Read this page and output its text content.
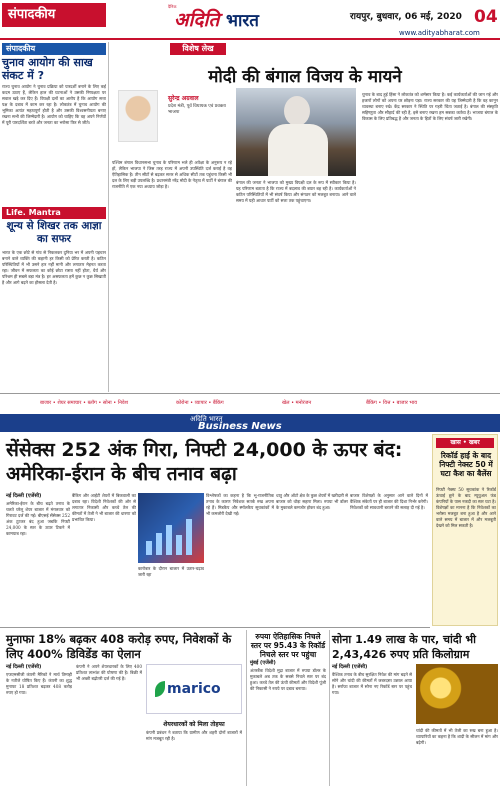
संपादकीय
दैनिक
अदिति भारत	रायपुर, बुधवार, 06 मई, 2020 04
www.adityabharat.com
संपादकीय
चुनाव आयोग की साख संकट में ?
राज्य चुनाव आयोग ने चुनाव प्रक्रिया को पारदर्शी बनाने के लिए कई कदम उठाए हैं, लेकिन हाल की घटनाओं ने उसकी निष्पक्षता पर सवाल खड़े कर दिए हैं। विपक्षी दलों का आरोप है कि आयोग सत्ता पक्ष के दबाव में काम कर रहा है। लोकतंत्र में चुनाव आयोग की भूमिका अत्यंत महत्वपूर्ण होती है और उसकी विश्वसनीयता बनाए रखना सभी की जिम्मेदारी है। आयोग को चाहिए कि वह अपने निर्णयों में पूरी पारदर्शिता बरते और जनता का भरोसा फिर से जीते।
Life. Mantra
शून्य से शिखर तक आज्ञा का सफर
भारत के एक छोटे से गांव से निकलकर दुनिया भर में अपनी पहचान बनाने वाले व्यक्ति की कहानी हर किसी को प्रेरित करती है। कठिन परिस्थितियों में भी उसने हार नहीं मानी और लगातार मेहनत करता रहा। जीवन में सफलता का कोई छोटा रास्ता नहीं होता, धैर्य और परिश्रम ही सबसे बड़ा मंत्र है। हर असफलता हमें कुछ न कुछ सिखाती है और आगे बढ़ने का हौसला देती है।
विशेष लेख
मोदी की बंगाल विजय के मायने
सुरेन्द्र अग्रवाल
प्रदेश मंत्री, पूर्व विधायक एवं प्रवक्ता भाजपा
पश्चिम बंगाल विधानसभा चुनाव के परिणाम भले ही अपेक्षा के अनुरूप न रहे हों, लेकिन भाजपा ने जिस तरह राज्य में अपनी उपस्थिति दर्ज कराई है वह ऐतिहासिक है। तीन सीटों से बढ़कर सत्तर से अधिक सीटों तक पहुंचना किसी भी दल के लिए बड़ी उपलब्धि है। प्रधानमंत्री नरेंद्र मोदी के नेतृत्व में पार्टी ने बंगाल की राजनीति में एक नया अध्याय जोड़ा है।
बंगाल की जनता ने भाजपा को मुख्य विपक्षी दल के रूप में स्वीकार किया है। यह परिणाम बताता है कि राज्य में बदलाव की बयार बह रही है। कार्यकर्ताओं ने कठिन परिस्थितियों में भी संघर्ष किया और संगठन को मजबूत बनाया। आने वाले समय में यही आधार पार्टी को सत्ता तक पहुंचाएगा।
चुनाव के बाद हुई हिंसा ने लोकतंत्र को शर्मसार किया है। कई कार्यकर्ताओं की जान गई और हजारों लोगों को अपना घर छोड़ना पड़ा। राज्य सरकार की यह जिम्मेदारी है कि वह कानून व्यवस्था बनाए रखे। केंद्र सरकार ने स्थिति पर गहरी चिंता जताई है। बंगाल की संस्कृति सहिष्णुता और सौहार्द की रही है, इसे बनाए रखना हम सबका कर्तव्य है। भाजपा बंगाल के विकास के लिए प्रतिबद्ध है और जनता के हितों के लिए संघर्ष जारी रखेगी।
बाजार • शेयर समाचार • ब्लॉग • सोना • निवेश	कोरोना • व्यापार • बैंकिंग	खेल • मनोरंजन	बैंकिंग • वित्त • बाजार भाव
अदिति भारत
Business News
सेंसेक्स 252 अंक गिरा, निफ्टी 24,000 के ऊपर बंद: अमेरिका-ईरान के बीच तनाव बढ़ा
खास • खबर
रिकॉर्ड हाई के बाद निफ्टी नेक्स्ट 50 में घटा कैश का बैलेंस
निफ्टी नेक्स्ट 50 सूचकांक ने रिकॉर्ड ऊंचाई छूने के बाद म्यूचुअल फंड कंपनियों के पास नकदी का स्तर घटा है। विशेषज्ञों का मानना है कि निवेशकों का भरोसा मजबूत बना हुआ है और आने वाले समय में बाजार में और मजबूती देखने को मिल सकती है।
नई दिल्ली (एजेंसी)
अमेरिका-ईरान के बीच बढ़ते तनाव के चलते घरेलू शेयर बाजार में मंगलवार को गिरावट दर्ज की गई। बीएसई सेंसेक्स 252 अंक टूटकर बंद हुआ जबकि निफ्टी 24,000 के स्तर के ऊपर टिकने में कामयाब रहा।
बैंकिंग और आईटी शेयरों में बिकवाली का दबाव रहा। विदेशी निवेशकों की ओर से लगातार निकासी और कच्चे तेल की कीमतों में तेजी ने भी बाजार की धारणा को प्रभावित किया।
कारोबार के दौरान बाजार में उतार-चढ़ाव जारी रहा
विश्लेषकों का कहना है कि भू-राजनीतिक तनाव के कारण निवेशक सतर्क रुख अपना रहे हैं। मिडकैप और स्मॉलकैप सूचकांकों में भी कमजोरी देखी गई।
धातु और ऑटो क्षेत्र के कुछ शेयरों में खरीदारी से बाजार को थोड़ा सहारा मिला। रुपया भी डॉलर के मुकाबले कमजोर होकर बंद हुआ।
बाजार विशेषज्ञों के अनुसार आने वाले दिनों में वैश्विक संकेतों पर ही बाजार की दिशा निर्भर करेगी। निवेशकों को सावधानी बरतने की सलाह दी गई है।
मुनाफा 18% बढ़कर 408 करोड़ रुपए, निवेशकों के लिए 400% डिविडेंड का ऐलान
नई दिल्ली (एजेंसी)
एफएमसीजी कंपनी मैरिको ने मार्च तिमाही के नतीजे घोषित किए हैं। कंपनी का शुद्ध मुनाफा 18 प्रतिशत बढ़कर 408 करोड़ रुपए हो गया।
कंपनी ने अपने शेयरधारकों के लिए 400 प्रतिशत लाभांश की घोषणा की है। बिक्री में भी अच्छी बढ़ोतरी दर्ज की गई है।
marico
शेयरधारकों को मिला तोहफा
कंपनी प्रबंधन ने बताया कि ग्रामीण और शहरी दोनों बाजारों में मांग मजबूत रही है।
रुपया ऐतिहासिक निचले स्तर पर 95.43 के रिकॉर्ड निचले स्तर पर पहुंचा
मुंबई (एजेंसी)
अंतरबैंक विदेशी मुद्रा बाजार में रुपया डॉलर के मुकाबले अब तक के सबसे निचले स्तर पर बंद हुआ। कच्चे तेल की ऊंची कीमतों और विदेशी पूंजी की निकासी ने रुपये पर दबाव बनाया।
सोना 1.49 लाख के पार, चांदी भी 2,43,426 रुपए प्रति किलोग्राम
नई दिल्ली (एजेंसी)
वैश्विक तनाव के बीच सुरक्षित निवेश की मांग बढ़ने से सोने और चांदी की कीमतों में जबरदस्त उछाल आया है। सर्राफा बाजार में सोना नए रिकॉर्ड स्तर पर पहुंच गया।
चांदी की कीमतों में भी तेजी का रुख बना हुआ है। व्यापारियों का कहना है कि शादी के सीजन में मांग और बढ़ेगी।
